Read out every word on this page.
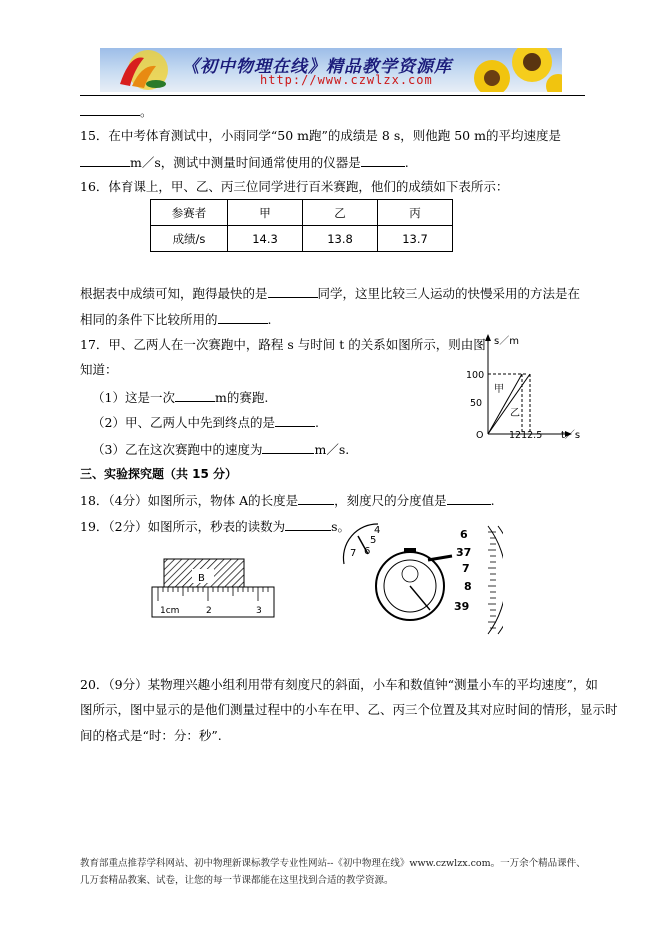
《初中物理在线》精品教学资源库
http://www.czwlzx.com
。
15．在中考体育测试中，小雨同学“50 m跑”的成绩是 8 s，则他跑 50 m的平均速度是
m／s，测试中测量时间通常使用的仪器是	.
16．体育课上，甲、乙、丙三位同学进行百米赛跑，他们的成绩如下表所示：
参赛者	甲	乙	丙
成绩/s	14.3	13.8	13.7
根据表中成绩可知，跑得最快的是	同学，这里比较三人运动的快慢采用的方法是在
相同的条件下比较所用的	.
17．甲、乙两人在一次赛跑中，路程 s 与时间 t 的关系如图所示，则由图
知道：
（1）这是一次	m的赛跑.
（2）甲、乙两人中先到终点的是	.
（3）乙在这次赛跑中的速度为	m／s.
s／m
t／s
100
50
O	1212.5
甲
乙
三、实验探究题（共 15 分）
18．（4分）如图所示，物体 A的长度是	，刻度尺的分度值是	.
19．（2分）如图所示，秒表的读数为	s。
B
1cm	2	3
4
5
6
7
6
37
7
8
39
20．（9分）某物理兴趣小组利用带有刻度尺的斜面，小车和数值钟“测量小车的平均速度”，如
图所示，图中显示的是他们测量过程中的小车在甲、乙、丙三个位置及其对应时间的情形，显示时
间的格式是“时：分：秒”.
教育部重点推荐学科网站、初中物理新课标教学专业性网站--《初中物理在线》www.czwlzx.com。一万余个精品课件、
几万套精品教案、试卷，让您的每一节课都能在这里找到合适的教学资源。
